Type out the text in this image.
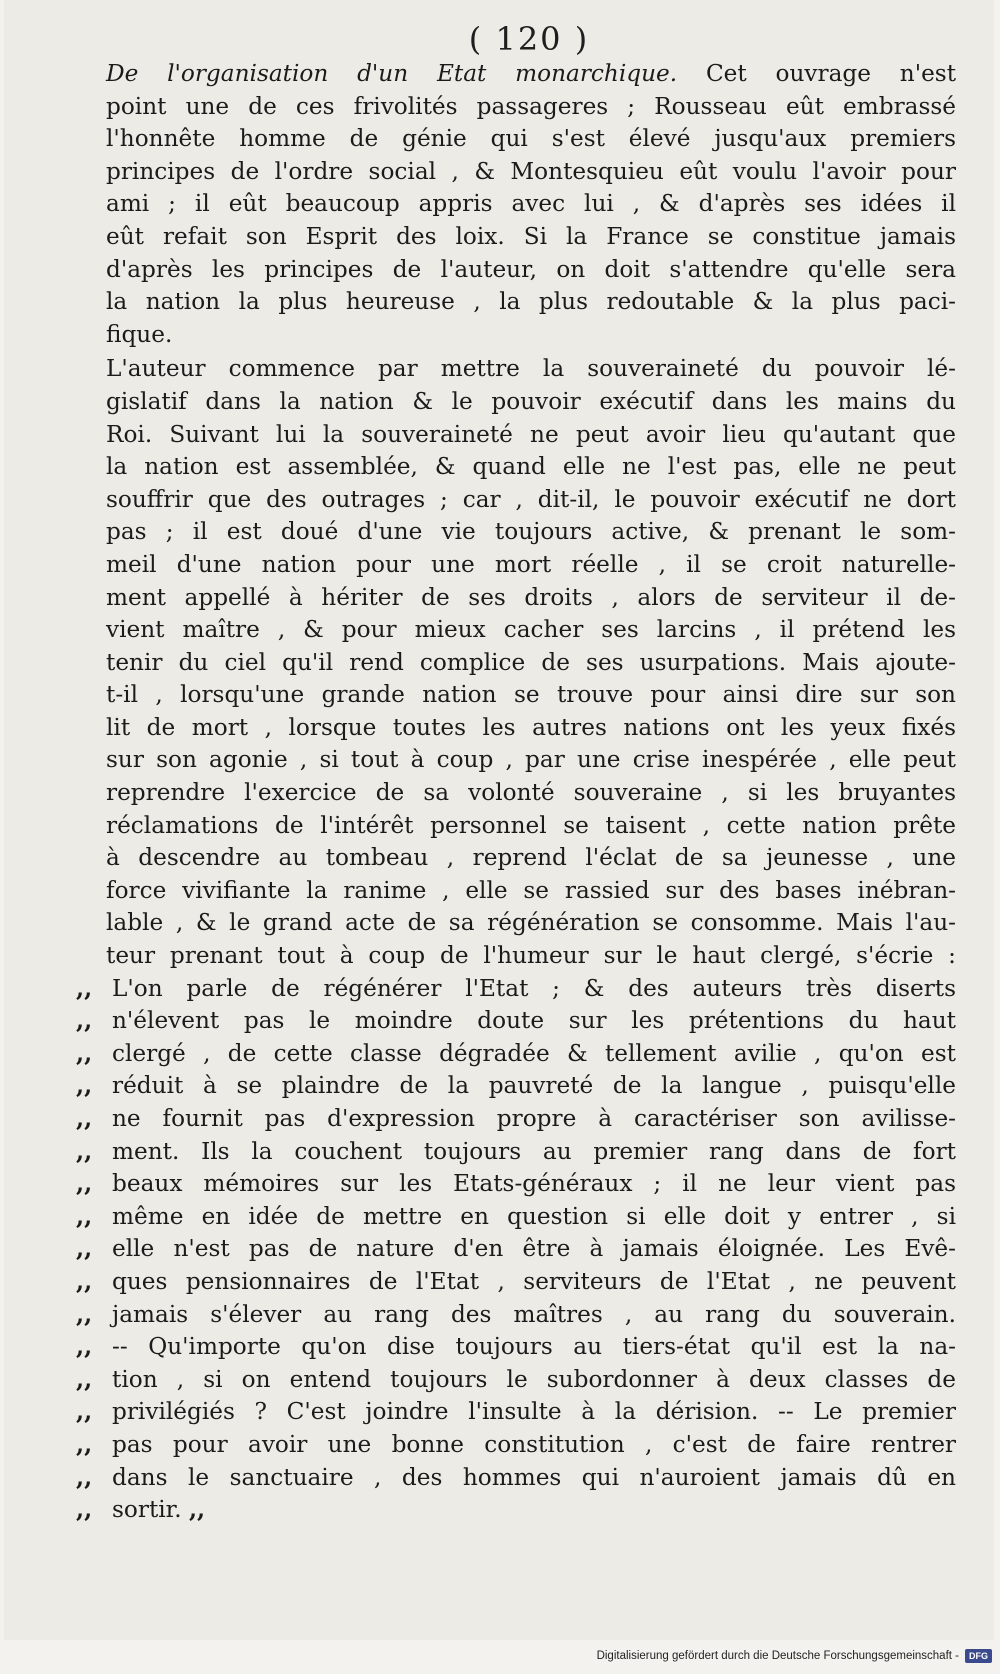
( 120 )
De l'organisation d'un Etat monarchique. Cet ouvrage n'est
point une de ces frivolités passageres ; Rousseau eût embrassé
l'honnête homme de génie qui s'est élevé jusqu'aux premiers
principes de l'ordre social , & Montesquieu eût voulu l'avoir pour
ami ; il eût beaucoup appris avec lui , & d'après ses idées il
eût refait son Esprit des loix. Si la France se constitue jamais
d'après les principes de l'auteur, on doit s'attendre qu'elle sera
la nation la plus heureuse , la plus redoutable & la plus paci-
fique.
L'auteur commence par mettre la souveraineté du pouvoir lé-
gislatif dans la nation & le pouvoir exécutif dans les mains du
Roi. Suivant lui la souveraineté ne peut avoir lieu qu'autant que
la nation est assemblée, & quand elle ne l'est pas, elle ne peut
souffrir que des outrages ; car , dit-il, le pouvoir exécutif ne dort
pas ; il est doué d'une vie toujours active, & prenant le som-
meil d'une nation pour une mort réelle , il se croit naturelle-
ment appellé à hériter de ses droits , alors de serviteur il de-
vient maître , & pour mieux cacher ses larcins , il prétend les
tenir du ciel qu'il rend complice de ses usurpations. Mais ajoute-
t-il , lorsqu'une grande nation se trouve pour ainsi dire sur son
lit de mort , lorsque toutes les autres nations ont les yeux fixés
sur son agonie , si tout à coup , par une crise inespérée , elle peut
reprendre l'exercice de sa volonté souveraine , si les bruyantes
réclamations de l'intérêt personnel se taisent , cette nation prête
à descendre au tombeau , reprend l'éclat de sa jeunesse , une
force vivifiante la ranime , elle se rassied sur des bases inébran-
lable , & le grand acte de sa régénération se consomme. Mais l'au-
teur prenant tout à coup de l'humeur sur le haut clergé, s'écrie :
,, L'on parle de régénérer l'Etat ; & des auteurs très diserts
,, n'élevent pas le moindre doute sur les prétentions du haut
,, clergé , de cette classe dégradée & tellement avilie , qu'on est
,, réduit à se plaindre de la pauvreté de la langue , puisqu'elle
,, ne fournit pas d'expression propre à caractériser son avilisse-
,, ment. Ils la couchent toujours au premier rang dans de fort
,, beaux mémoires sur les Etats-généraux ; il ne leur vient pas
,, même en idée de mettre en question si elle doit y entrer , si
,, elle n'est pas de nature d'en être à jamais éloignée. Les Evê-
,, ques pensionnaires de l'Etat , serviteurs de l'Etat , ne peuvent
,, jamais s'élever au rang des maîtres , au rang du souverain.
,, -- Qu'importe qu'on dise toujours au tiers-état qu'il est la na-
,, tion , si on entend toujours le subordonner à deux classes de
,, privilégiés ? C'est joindre l'insulte à la dérision. -- Le premier
,, pas pour avoir une bonne constitution , c'est de faire rentrer
,, dans le sanctuaire , des hommes qui n'auroient jamais dû en
,, sortir. ,,
Digitalisierung gefördert durch die Deutsche Forschungsgemeinschaft -	DFG
